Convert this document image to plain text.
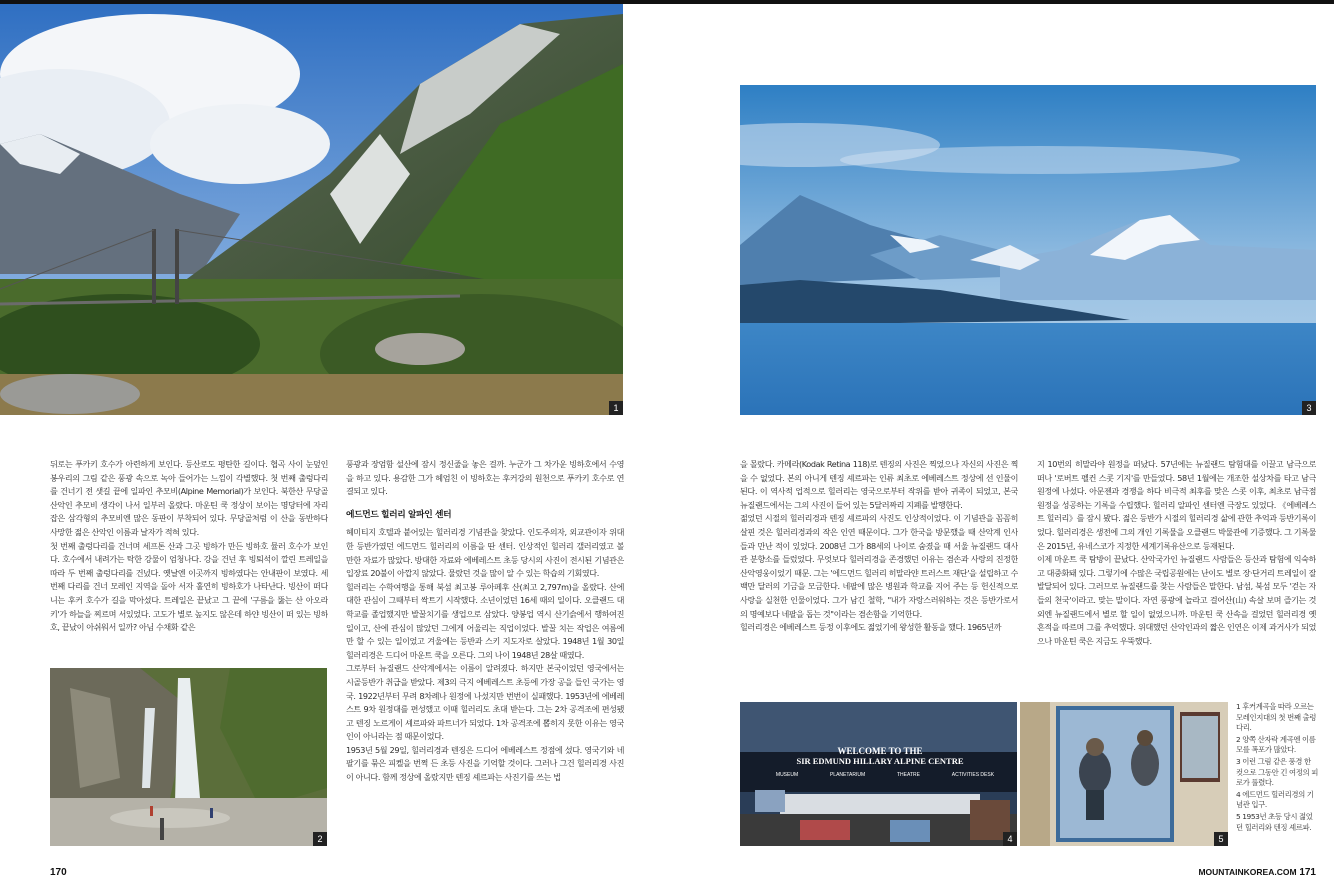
1	3
2
WELCOME TO THE
SIR EDMUND HILLARY ALPINE CENTRE
MUSEUM	PLANETARIUM	THEATRE	ACTIVITIES DESK
4	5

뒤로는 푸카키 호수가 아련하게 보인다. 등산로도 평탄한 길이다. 협곡 사이 눈덮인 봉우리의 그림 같은 풍광 속으로 녹아 들어가는 느낌이 각별했다. 첫 번째 출렁다리를 건너기 전 샛길 끝에 일파인 추모비(Alpine Memorial)가 보인다. 북한산 무당골 산악인 추모비 생각이 나서 일부러 올랐다. 마운틴 쿡 정상이 보이는 명당터에 자리 잡은 삼각형의 추모비엔 많은 동판이 부착되어 있다. 무당골처럼 이 산을 동반하다 사망한 젊은 산악인 이름과 날자가 적혀 있다.

첫 번째 출렁다리를 건너며 세프톤 산과 그곳 빙하가 만든 빙하호 뮬러 호수가 보인다. 호수에서 내려가는 탁한 강물이 엄청나다. 강을 건넌 후 빙퇴석이 깔린 트레일을 따라 두 번째 출렁다리를 건넜다. 옛날엔 이곳까지 빙하였다는 안내판이 보였다. 세 번째 다리를 건너 모레인 지역을 돌아 서자 훌연히 빙하호가 나타난다. 빙산이 떠다니는 후커 호수가 길을 막아섰다. 트레일은 끝났고 그 끝에 '구름을 뚫는 산 아오라키'가 하늘을 찌르며 서있었다. 고도가 별로 높지도 않은데 하얀 빙산이 떠 있는 빙하호, 끝났이 아쉬워서 일까? 아님 수채화 같은

풍광과 장엄함 설산에 잠시 정신줄을 놓은 걸까. 누군가 그 차가운 빙하호에서 수영을 하고 있다. 용감한 그가 헤엄친 이 빙하호는 후커강의 원천으로 푸카키 호수로 연결되고 있다.

에드먼드 힐러리 알파인 센터

헤미티지 호텔과 붙어있는 힐러리경 기념관을 찾았다. 인도주의자, 외교관이자 위대한 등반가였던 에드먼드 힐러리의 이름을 딴 센터. 인상적인 힐러리 갤러리였고 볼 만한 자료가 많았다. 방대한 자료와 에베레스트 초등 당시의 사진이 전시된 기념관은 입장료 20불이 아깝지 않았다. 물랐던 것을 많이 알 수 있는 학습의 기회였다.

힐러리는 수학여행을 통해 북섬 최고봉 루아페후 산(최고 2,797m)을 올랐다. 산에 대한 관심이 그때부터 싹트기 시작했다. 소년이었던 16세 때의 일이다. 오클랜드 대학교를 졸업했지만 발꿀치기를 생업으로 삼았다. 양봉업 역시 산기슭에서 행하여진 일이고, 산에 관심이 많았던 그에게 어울리는 직업이었다. 발꿀 치는 작업은 여름에만 할 수 있는 일이었고 겨울에는 등반과 스키 지도자로 살았다. 1948년 1월 30일 힐러리경은 드디어 마운트 쿡을 오른다. 그의 나이 1948년 28살 때였다.

그로부터 뉴질랜드 산악계에서는 이름이 알려졌다. 하지만 본국이었던 영국에서는 시골등반가 취급을 받았다. 제3의 극지 에베레스트 초등에 가장 공을 들인 국가는 영국. 1922년부터 무려 8차례나 원정에 나섰지만 번번이 실패했다. 1953년에 에베레스트 9차 원정대를 편성했고 이때 힐러리도 초대 받는다. 그는 2차 공격조에 편성됐고 텐징 노르게이 셰르파와 파트너가 되었다. 1차 공격조에 뽑히지 못한 이유는 영국인이 아니라는 점 때문이었다.

1953년 5월 29일, 힐러리경과 텐징은 드디어 에베레스트 정점에 섰다. 영국기와 네팔기를 묶은 피켈을 번쩍 든 초등 사진을 기억할 것이다. 그러나 그건 힐러리경 사진이 아니다. 함께 정상에 올랐지만 텐징 셰르파는 사진기를 쓰는 법

을 몰랐다. 카메라(Kodak Retina 118)로 텐징의 사진은 찍었으나 자신의 사진은 찍을 수 없었다. 본의 아니게 텐징 셰르파는 인류 최초로 에베레스트 정상에 선 인물이 된다. 이 역사적 업적으로 힐러리는 영국으로부터 작위를 받아 귀족이 되었고, 본국 뉴질랜드에서는 그의 사진이 들어 있는 5달러짜리 지폐를 발행한다.

젊었던 시절의 힐러리경과 텐징 셰르파의 사진도 인상적이었다. 이 기념관을 꼼꼼히 살핀 것은 힐러리경과의 작은 인연 때문이다. 그가 한국을 방문했을 때 산악계 인사들과 만난 적이 있었다. 2008년 그가 88세의 나이로 숨졌을 때 서울 뉴질랜드 대사관 분향소를 들렀었다. 무엇보다 힐러리경을 존경했던 이유는 겸손과 사랑의 진정한 산악영웅이었기 때문. 그는 '에드먼드 힐러리 히말라얀 트러스트 재단'을 설립하고 수백만 달러의 기금을 모금한다. 네팔에 많은 병원과 학교를 지어 주는 등 헌신적으로 사랑을 실천한 인물이었다. 그가 남긴 철학, "내가 자랑스러워하는 것은 등반가로서의 명예보다 네팔을 돕는 것"이라는 겸손함을 기억한다.

힐러리경은 에베레스트 등정 이후에도 젊었기에 왕성한 활동을 했다. 1965년까

지 10번의 히말라야 원정을 떠났다. 57년에는 뉴질랜드 탐험대를 이끌고 남극으로 떠나 '로버트 펠컨 스콧 기지'를 만들었다. 58년 1월에는 개조한 설상차를 타고 남극 원정에 나섰다. 아문젠과 경쟁을 하다 비극적 최후를 맞은 스콧 이후, 최초로 남극점 원정을 성공하는 기록을 수립했다. 힐러리 알파인 센터엔 극장도 있었다. 《에베레스트 힐러리》를 잠시 봤다. 젊은 등반가 시절의 힐러리경 삶에 관한 추억과 등반기록이었다. 힐러리경은 생전에 그의 개인 기록물을 오클랜드 박물관에 기증했다. 그 기록물은 2015년, 유네스코가 지정한 세계기록유산으로 등재된다.

이제 마운트 쿡 탐방이 끝났다. 산악국가인 뉴질랜드 사람들은 등산과 탐험에 익숙하고 대중화돼 있다. 그렇기에 수많은 국립공원에는 난이도 별로 장·단거리 트레일이 잘 발달되어 있다. 그러므로 뉴질랜드를 찾는 사람들은 말한다. 남섬, 북섬 모두 '걷는 자들의 천국'이라고. 맞는 말이다. 자연 풍광에 놀라고 걸어산(山) 속살 보며 즐기는 것 외엔 뉴질랜드에서 별로 할 일이 없었으니까. 마운틴 쿡 산속을 걸었던 힐러리경 옛 흔적을 따르며 그를 추억했다. 위대했던 산악인과의 짧은 인연은 이제 과거사가 되었으나 마운틴 쿡은 지금도 우뚝했다.

1 후커계곡을 따라 오르는 모레인지대의 첫 번째 출렁다리.
2 양쪽 산자락 계곡엔 이름 모를 폭포가 많았다.
3 이런 그림 같은 풍경 한 컷으로 그동안 긴 여정의 피로가 풀렸다.
4 에드먼드 힐러리경의 기념관 입구.
5 1953년 초등 당시 젊었던 힐러리와 텐징 셰르파.
170	MOUNTAINKOREA.COM 171
